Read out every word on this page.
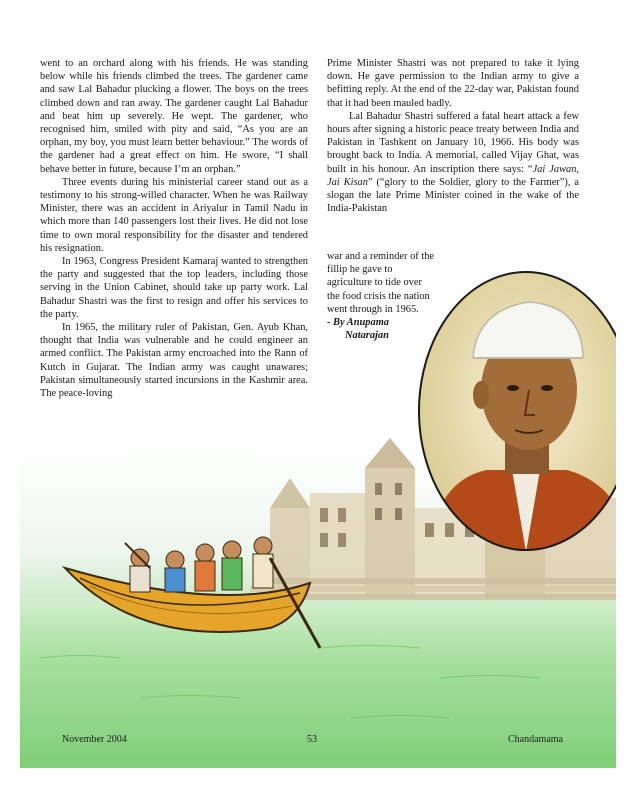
went to an orchard along with his friends. He was standing below while his friends climbed the trees. The gardener came and saw Lal Bahadur plucking a flower. The boys on the trees climbed down and ran away. The gardener caught Lal Bahadur and beat him up severely. He wept. The gardener, who recognised him, smiled with pity and said, “As you are an orphan, my boy, you must learn better behaviour.” The words of the gardener had a great effect on him. He swore, “I shall behave better in future, because I’m an orphan.”

Three events during his ministerial career stand out as a testimony to his strong-willed character. When he was Railway Minister, there was an accident in Ariyalur in Tamil Nadu in which more than 140 passengers lost their lives. He did not lose time to own moral responsibility for the disaster and tendered his resignation.

In 1963, Congress President Kamaraj wanted to strengthen the party and suggested that the top leaders, including those serving in the Union Cabinet, should take up party work. Lal Bahadur Shastri was the first to resign and offer his services to the party.

In 1965, the military ruler of Pakistan, Gen. Ayub Khan, thought that India was vulnerable and he could engineer an armed conflict. The Pakistan army encroached into the Rann of Kutch in Gujarat. The Indian army was caught unawares; Pakistan simultaneously started incursions in the Kashmir area. The peace-loving

Prime Minister Shastri was not prepared to take it lying down. He gave permission to the Indian army to give a befitting reply. At the end of the 22-day war, Pakistan found that it had been mauled badly.

Lal Bahadur Shastri suffered a fatal heart attack a few hours after signing a historic peace treaty between India and Pakistan in Tashkent on January 10, 1966. His body was brought back to India. A memorial, called Vijay Ghat, was built in his honour. An inscription there says: “Jai Jawan, Jai Kisan” (“glory to the Soldier, glory to the Farmer”), a slogan the late Prime Minister coined in the wake of the India-Pakistan

war and a reminder of the fillip he gave to agriculture to tide over the food crisis the nation went through in 1965.

- By Anupama
Natarajan

November 2004	53	Chandamama
